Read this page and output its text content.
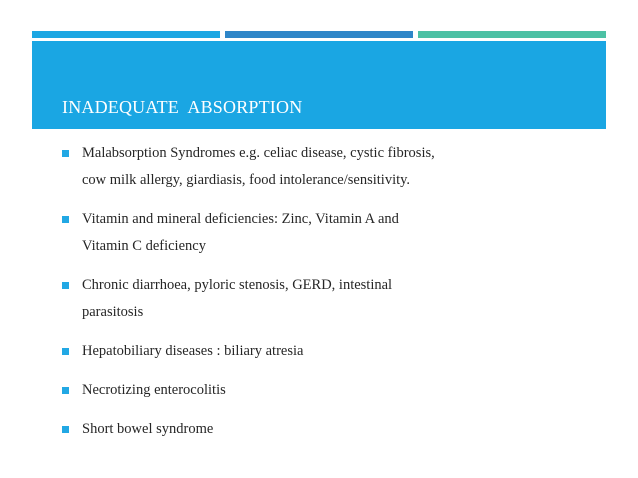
INADEQUATE  ABSORPTION
Malabsorption Syndromes e.g. celiac disease, cystic fibrosis,
cow milk allergy, giardiasis, food intolerance/sensitivity.
Vitamin and mineral deficiencies: Zinc, Vitamin A and
Vitamin C deficiency
Chronic diarrhoea, pyloric stenosis, GERD, intestinal
parasitosis
Hepatobiliary diseases : biliary atresia
Necrotizing enterocolitis
Short bowel syndrome
